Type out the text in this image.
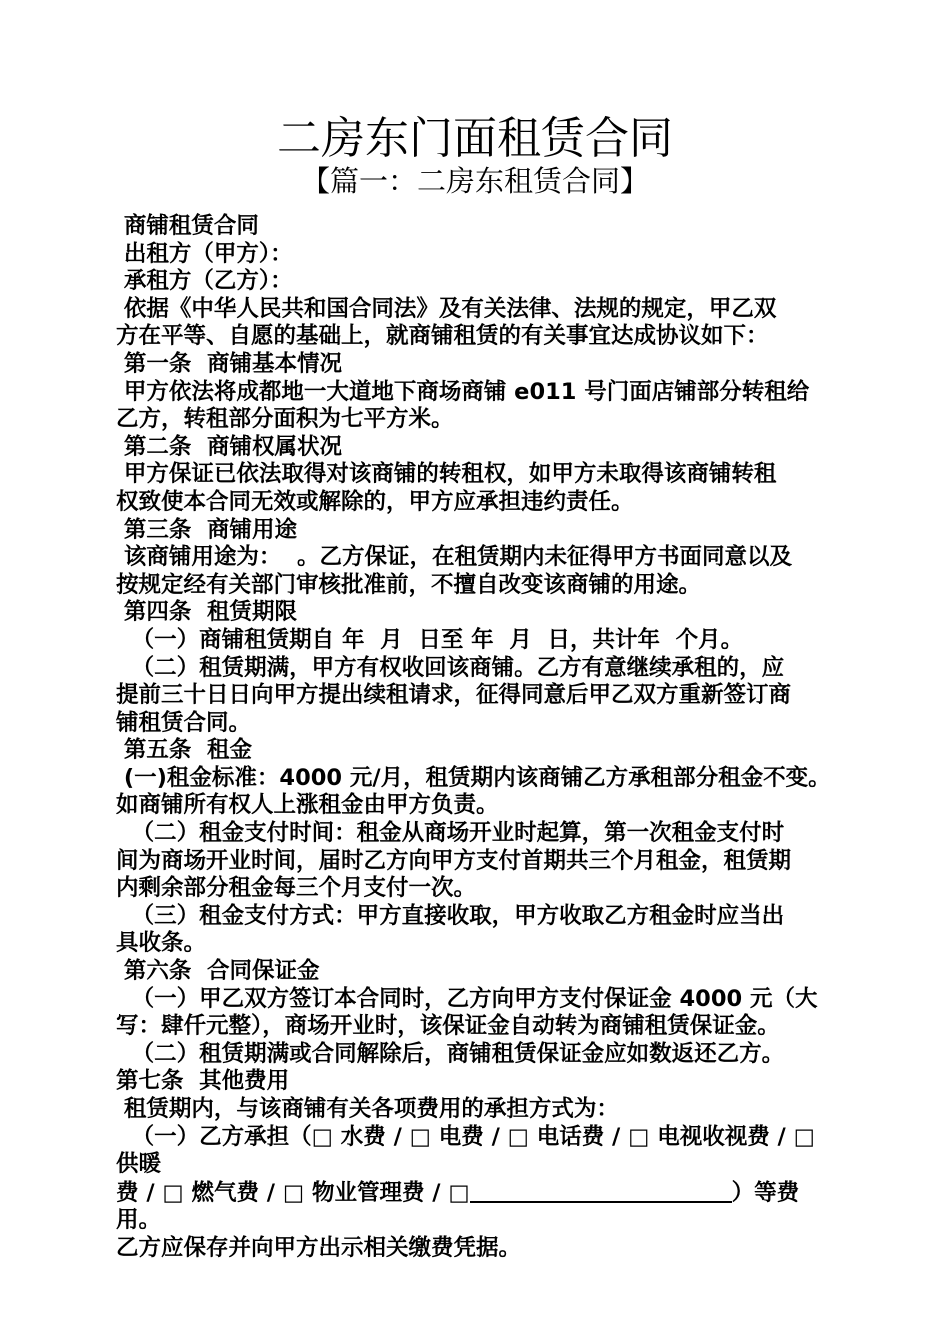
二房东门面租赁合同
【篇一：二房东租赁合同】

商铺租赁合同

出租方（甲方）：

承租方（乙方）：

依据《中华人民共和国合同法》及有关法律、法规的规定，甲乙双

方在平等、自愿的基础上，就商铺租赁的有关事宜达成协议如下：

第一条  商铺基本情况

甲方依法将成都地一大道地下商场商铺 e011 号门面店铺部分转租给

乙方，转租部分面积为七平方米。

第二条  商铺权属状况

甲方保证已依法取得对该商铺的转租权，如甲方未取得该商铺转租

权致使本合同无效或解除的，甲方应承担违约责任。

第三条  商铺用途

该商铺用途为：  。乙方保证，在租赁期内未征得甲方书面同意以及

按规定经有关部门审核批准前，不擅自改变该商铺的用途。

第四条  租赁期限

（一）商铺租赁期自 年  月  日至 年  月  日，共计年  个月。

（二）租赁期满，甲方有权收回该商铺。乙方有意继续承租的，应

提前三十日日向甲方提出续租请求，征得同意后甲乙双方重新签订商

铺租赁合同。

第五条  租金

(一)租金标准：4000 元/月，租赁期内该商铺乙方承租部分租金不变。

如商铺所有权人上涨租金由甲方负责。

（二）租金支付时间：租金从商场开业时起算，第一次租金支付时

间为商场开业时间，届时乙方向甲方支付首期共三个月租金，租赁期

内剩余部分租金每三个月支付一次。

（三）租金支付方式：甲方直接收取，甲方收取乙方租金时应当出

具收条。

第六条  合同保证金

（一）甲乙双方签订本合同时，乙方向甲方支付保证金 4000 元（大

写：肆仟元整），商场开业时，该保证金自动转为商铺租赁保证金。

（二）租赁期满或合同解除后，商铺租赁保证金应如数返还乙方。

第七条  其他费用

租赁期内，与该商铺有关各项费用的承担方式为：

（一）乙方承担（□ 水费 / □ 电费 / □ 电话费 / □ 电视收视费 / □ 供暖

费 / □ 燃气费 / □ 物业管理费 / □	）等费用。

乙方应保存并向甲方出示相关缴费凭据。
